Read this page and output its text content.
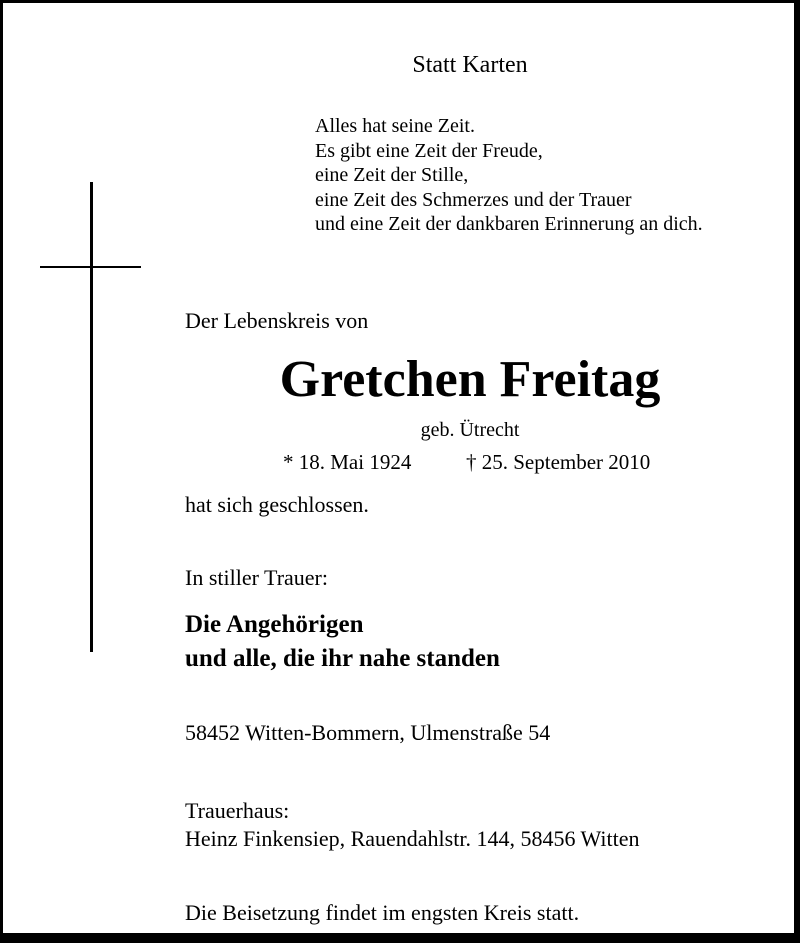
Statt Karten
Alles hat seine Zeit.
Es gibt eine Zeit der Freude,
eine Zeit der Stille,
eine Zeit des Schmerzes und der Trauer
und eine Zeit der dankbaren Erinnerung an dich.
Der Lebenskreis von
Gretchen Freitag
geb. Ütrecht
* 18. Mai 1924	† 25. September 2010
hat sich geschlossen.
In stiller Trauer:
Die Angehörigen
und alle, die ihr nahe standen
58452 Witten-Bommern, Ulmenstraße 54
Trauerhaus:
Heinz Finkensiep, Rauendahlstr. 144, 58456 Witten
Die Beisetzung findet im engsten Kreis statt.
